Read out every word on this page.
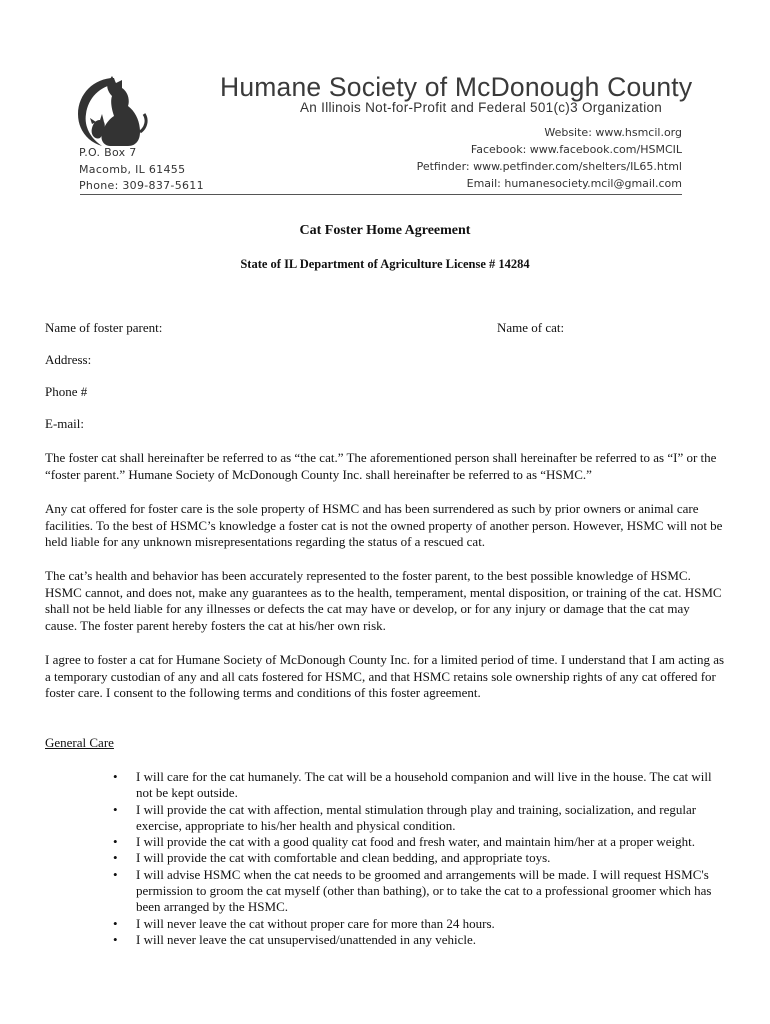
Humane Society of McDonough County
An Illinois Not-for-Profit and Federal 501(c)3 Organization
P.O. Box 7
Macomb, IL 61455
Phone: 309-837-5611
Website: www.hsmcil.org
Facebook: www.facebook.com/HSMCIL
Petfinder: www.petfinder.com/shelters/IL65.html
Email: humanesociety.mcil@gmail.com
Cat Foster Home Agreement
State of IL Department of Agriculture License # 14284
Name of foster parent:	Name of cat:
Address:
Phone #
E-mail:

The foster cat shall hereinafter be referred to as “the cat.” The aforementioned person shall hereinafter be referred to as “I” or the “foster parent.” Humane Society of McDonough County Inc. shall hereinafter be referred to as “HSMC.”

Any cat offered for foster care is the sole property of HSMC and has been surrendered as such by prior owners or animal care facilities. To the best of HSMC’s knowledge a foster cat is not the owned property of another person. However, HSMC will not be held liable for any unknown misrepresentations regarding the status of a rescued cat.

The cat’s health and behavior has been accurately represented to the foster parent, to the best possible knowledge of HSMC. HSMC cannot, and does not, make any guarantees as to the health, temperament, mental disposition, or training of the cat. HSMC shall not be held liable for any illnesses or defects the cat may have or develop, or for any injury or damage that the cat may cause. The foster parent hereby fosters the cat at his/her own risk.

I agree to foster a cat for Humane Society of McDonough County Inc. for a limited period of time. I understand that I am acting as a temporary custodian of any and all cats fostered for HSMC, and that HSMC retains sole ownership rights of any cat offered for foster care. I consent to the following terms and conditions of this foster agreement.

General Care
• I will care for the cat humanely. The cat will be a household companion and will live in the house. The cat will not be kept outside.
• I will provide the cat with affection, mental stimulation through play and training, socialization, and regular exercise, appropriate to his/her health and physical condition.
• I will provide the cat with a good quality cat food and fresh water, and maintain him/her at a proper weight.
• I will provide the cat with comfortable and clean bedding, and appropriate toys.
• I will advise HSMC when the cat needs to be groomed and arrangements will be made. I will request HSMC's permission to groom the cat myself (other than bathing), or to take the cat to a professional groomer which has been arranged by the HSMC.
• I will never leave the cat without proper care for more than 24 hours.
• I will never leave the cat unsupervised/unattended in any vehicle.
